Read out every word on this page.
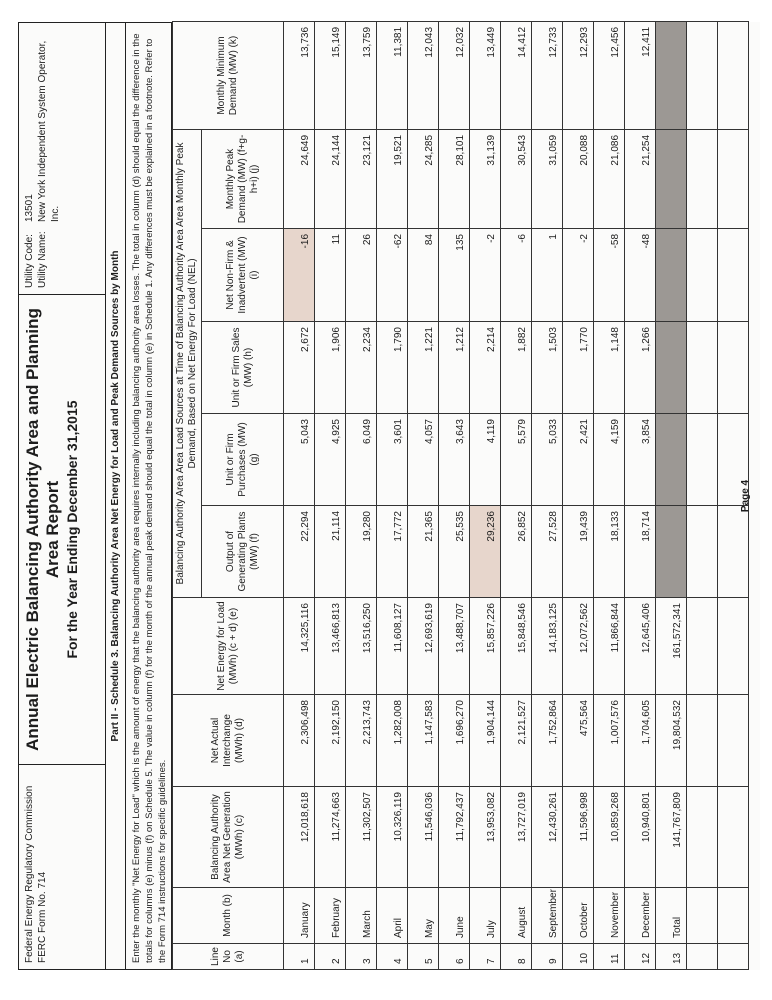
Federal Energy Regulatory Commission FERC Form No. 714
Annual Electric Balancing Authority Area and Planning Area Report For the Year Ending December 31,2015
Utility Code:
13501
Utility Name:
New York Independent System Operator, Inc.
Part II - Schedule 3. Balancing Authority Area Net Energy for Load and Peak Demand Sources by Month	Enter the monthly "Net Energy for Load" which is the amount of energy that the balancing authority area requires internally including balancing authority area losses. The total in column (d) should equal the difference in the totals for columns (e) minus (f) on Schedule 5. The value in column (f) for the month of the annual peak demand should equal the total in column (e) in Schedule 1. Any differences must be explained in a footnote. Refer to the Form 714 instructions for specific guidelines.	Line No (a)	Month (b)	Balancing Authority Area Net Generation (MWh) (c)	Net Actual Interchange (MWh) (d)	Net Energy for Load (MWh) (c + d) (e)	Balancing Authority Area Area Load Sources at Time of Balancing Authority Area Area Monthly Peak Demand, Based on Net Energy For Load (NEL)					Monthly Minimum Demand (MW) (k)
					Output of Generating Plants (MW) (f)	Unit or Firm Purchases (MW) (g)	Unit or Firm Sales (MW) (h)	Net Non-Firm & Inadvertent (MW) (i)	Monthly Peak Demand (MW) (f+g-h+i) (j)	
1	January	12,018,618	2,306,498	14,325,116	22,294	5,043	2,672	-16	24,649	13,736
2	February	11,274,663	2,192,150	13,466,813	21,114	4,925	1,906	11	24,144	15,149
3	March	11,302,507	2,213,743	13,516,250	19,280	6,049	2,234	26	23,121	13,759
4	April	10,326,119	1,282,008	11,608,127	17,772	3,601	1,790	-62	19,521	11,381
5	May	11,546,036	1,147,583	12,693,619	21,365	4,057	1,221	84	24,285	12,043
6	June	11,792,437	1,696,270	13,488,707	25,535	3,643	1,212	135	28,101	12,032
7	July	13,953,082	1,904,144	15,857,226	29,236	4,119	2,214	-2	31,139	13,449
8	August	13,727,019	2,121,527	15,848,546	26,852	5,579	1,882	-6	30,543	14,412
9	September	12,430,261	1,752,864	14,183,125	27,528	5,033	1,503	1	31,059	12,733
10	October	11,596,998	475,564	12,072,562	19,439	2,421	1,770	-2	20,088	12,293
11	November	10,859,268	1,007,576	11,866,844	18,133	4,159	1,148	-58	21,086	12,456
12	December	10,940,801	1,704,605	12,645,406	18,714	3,854	1,266	-48	21,254	12,411
13	Total	141,767,809	19,804,532	161,572,341						

Page 4
